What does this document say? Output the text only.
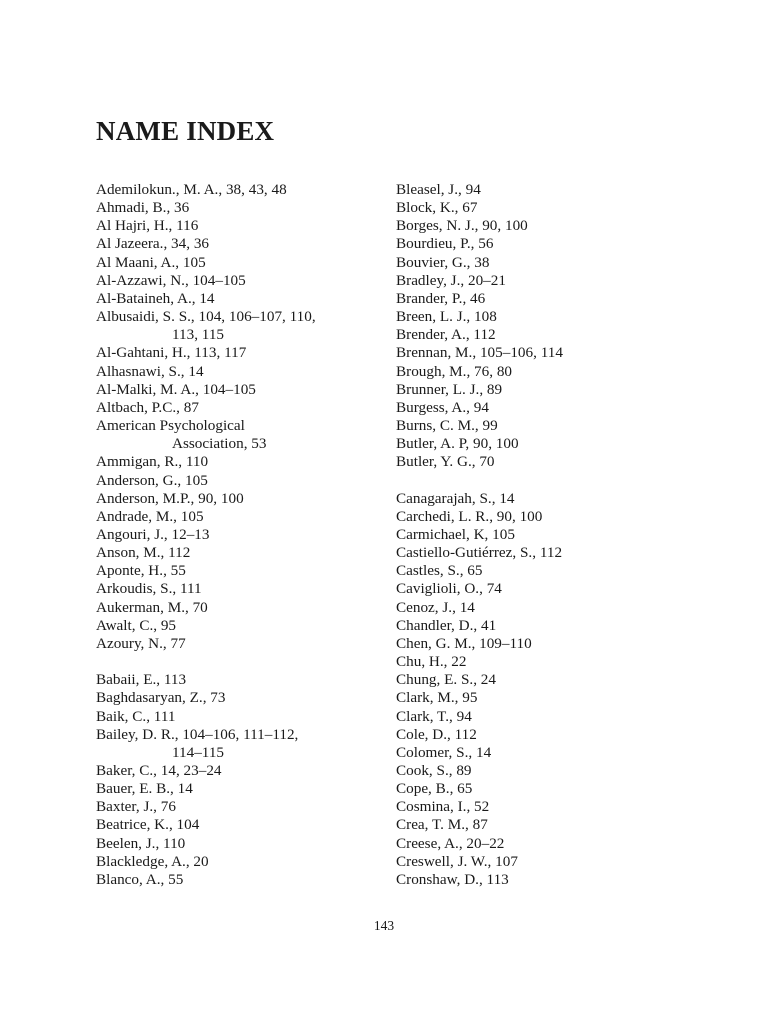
NAME INDEX
Ademilokun., M. A., 38, 43, 48
Ahmadi, B., 36
Al Hajri, H., 116
Al Jazeera., 34, 36
Al Maani, A., 105
Al-Azzawi, N., 104–105
Al-Bataineh, A., 14
Albusaidi, S. S., 104, 106–107, 110,
113, 115
Al-Gahtani, H., 113, 117
Alhasnawi, S., 14
Al-Malki, M. A., 104–105
Altbach, P.C., 87
American Psychological
Association, 53
Ammigan, R., 110
Anderson, G., 105
Anderson, M.P., 90, 100
Andrade, M., 105
Angouri, J., 12–13
Anson, M., 112
Aponte, H., 55
Arkoudis, S., 111
Aukerman, M., 70
Awalt, C., 95
Azoury, N., 77
Babaii, E., 113
Baghdasaryan, Z., 73
Baik, C., 111
Bailey, D. R., 104–106, 111–112,
114–115
Baker, C., 14, 23–24
Bauer, E. B., 14
Baxter, J., 76
Beatrice, K., 104
Beelen, J., 110
Blackledge, A., 20
Blanco, A., 55
Bleasel, J., 94
Block, K., 67
Borges, N. J., 90, 100
Bourdieu, P., 56
Bouvier, G., 38
Bradley, J., 20–21
Brander, P., 46
Breen, L. J., 108
Brender, A., 112
Brennan, M., 105–106, 114
Brough, M., 76, 80
Brunner, L. J., 89
Burgess, A., 94
Burns, C. M., 99
Butler, A. P, 90, 100
Butler, Y. G., 70
Canagarajah, S., 14
Carchedi, L. R., 90, 100
Carmichael, K, 105
Castiello-Gutiérrez, S., 112
Castles, S., 65
Caviglioli, O., 74
Cenoz, J., 14
Chandler, D., 41
Chen, G. M., 109–110
Chu, H., 22
Chung, E. S., 24
Clark, M., 95
Clark, T., 94
Cole, D., 112
Colomer, S., 14
Cook, S., 89
Cope, B., 65
Cosmina, I., 52
Crea, T. M., 87
Creese, A., 20–22
Creswell, J. W., 107
Cronshaw, D., 113
143
